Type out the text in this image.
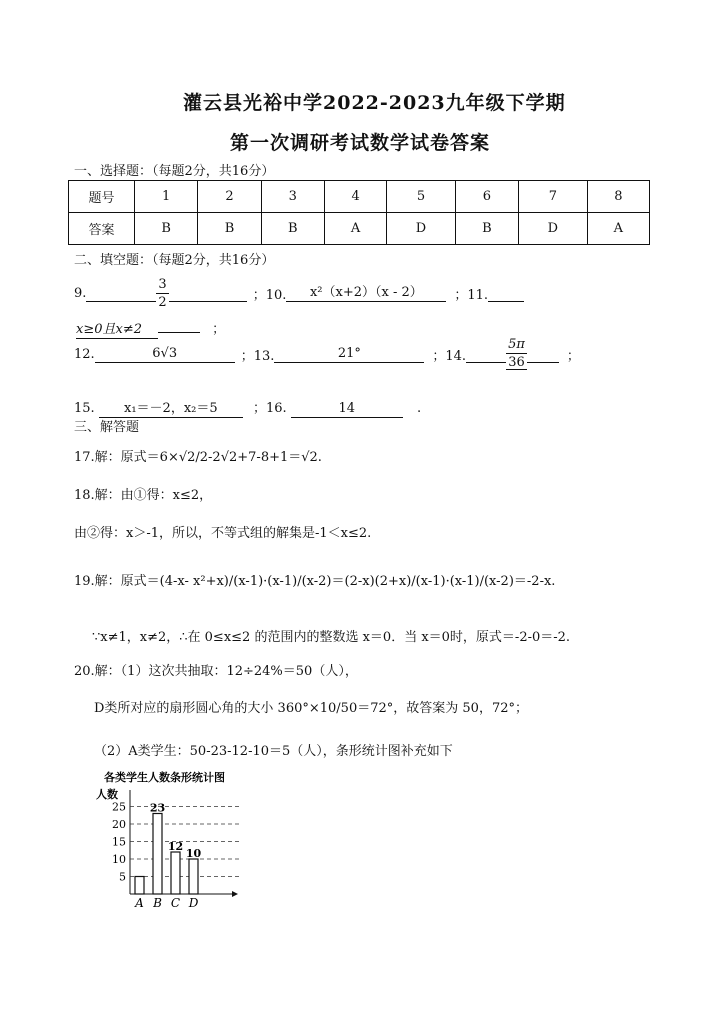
灌云县光裕中学2022-2023九年级下学期
第一次调研考试数学试卷答案
一、选择题：（每题2分，共16分）
题号	1	2	3	4	5	6	7	8
答案	B	B	B	A	D	B	D	A
二、填空题：（每题2分，共16分）
9.	$\frac{3}{2}$	；10.	x²（x+2）（x - 2）	；11.
x≥0且x≠2	；
12.	6√3	；13.	21°	；14.	$\frac{5\pi}{36}$	；
15. x₁＝－2，x₂＝5	；16.	14	.
三、解答题
17.解：原式＝6×√2/2-2√2+7-8+1＝√2.
18.解：由①得：x≤2，
由②得：x＞-1，所以，不等式组的解集是-1＜x≤2.
19.解：原式＝(4-x- x²+x)/(x-1)·(x-1)/(x-2)＝(2-x)(2+x)/(x-1)·(x-1)/(x-2)＝-2-x.
∵x≠1，x≠2，∴在 0≤x≤2 的范围内的整数选 x＝0．当 x＝0时，原式＝-2-0＝-2.
20.解：（1）这次共抽取：12÷24%＝50（人），
D类所对应的扇形圆心角的大小 360°×10/50＝72°，故答案为 50，72°；
（2）A类学生：50-23-12-10＝5（人），条形统计图补充如下
各类学生人数条形统计图
人数
5
10
15
20
25
A B
23
C
12
D
10
